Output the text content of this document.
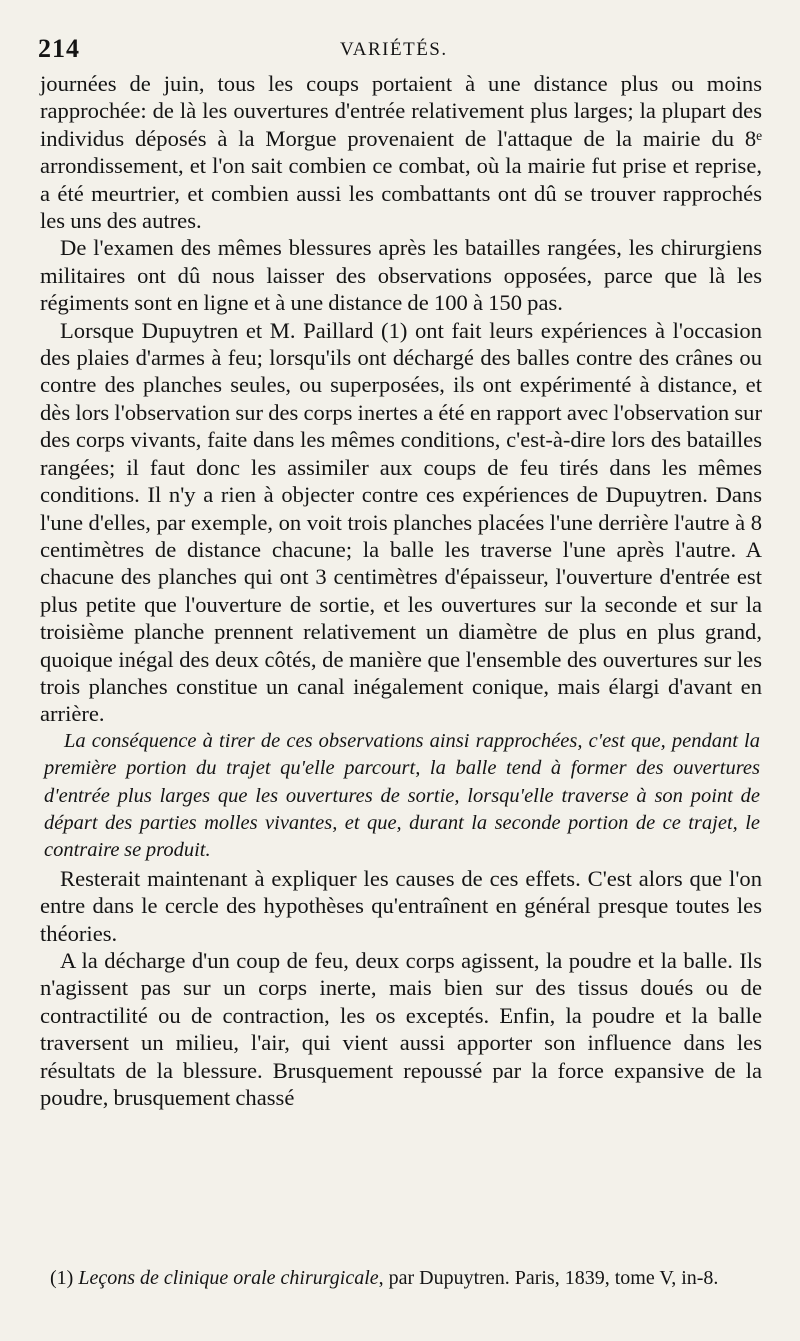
214	VARIÉTÉS.

journées de juin, tous les coups portaient à une distance plus ou moins rapprochée: de là les ouvertures d'entrée relativement plus larges; la plupart des individus déposés à la Morgue provenaient de l'attaque de la mairie du 8ᵉ arrondissement, et l'on sait combien ce combat, où la mairie fut prise et reprise, a été meurtrier, et combien aussi les combattants ont dû se trouver rapprochés les uns des autres.

De l'examen des mêmes blessures après les batailles rangées, les chirurgiens militaires ont dû nous laisser des observations opposées, parce que là les régiments sont en ligne et à une distance de 100 à 150 pas.

Lorsque Dupuytren et M. Paillard (1) ont fait leurs expériences à l'occasion des plaies d'armes à feu; lorsqu'ils ont déchargé des balles contre des crânes ou contre des planches seules, ou superposées, ils ont expérimenté à distance, et dès lors l'observation sur des corps inertes a été en rapport avec l'observation sur des corps vivants, faite dans les mêmes conditions, c'est-à-dire lors des batailles rangées; il faut donc les assimiler aux coups de feu tirés dans les mêmes conditions. Il n'y a rien à objecter contre ces expériences de Dupuytren. Dans l'une d'elles, par exemple, on voit trois planches placées l'une derrière l'autre à 8 centimètres de distance chacune; la balle les traverse l'une après l'autre. A chacune des planches qui ont 3 centimètres d'épaisseur, l'ouverture d'entrée est plus petite que l'ouverture de sortie, et les ouvertures sur la seconde et sur la troisième planche prennent relativement un diamètre de plus en plus grand, quoique inégal des deux côtés, de manière que l'ensemble des ouvertures sur les trois planches constitue un canal inégalement conique, mais élargi d'avant en arrière.

La conséquence à tirer de ces observations ainsi rapprochées, c'est que, pendant la première portion du trajet qu'elle parcourt, la balle tend à former des ouvertures d'entrée plus larges que les ouvertures de sortie, lorsqu'elle traverse à son point de départ des parties molles vivantes, et que, durant la seconde portion de ce trajet, le contraire se produit.

Resterait maintenant à expliquer les causes de ces effets. C'est alors que l'on entre dans le cercle des hypothèses qu'entraînent en général presque toutes les théories.

A la décharge d'un coup de feu, deux corps agissent, la poudre et la balle. Ils n'agissent pas sur un corps inerte, mais bien sur des tissus doués ou de contractilité ou de contraction, les os exceptés. Enfin, la poudre et la balle traversent un milieu, l'air, qui vient aussi apporter son influence dans les résultats de la blessure. Brusquement repoussé par la force expansive de la poudre, brusquement chassé

(1) Leçons de clinique orale chirurgicale, par Dupuytren. Paris, 1839, tome V, in-8.
